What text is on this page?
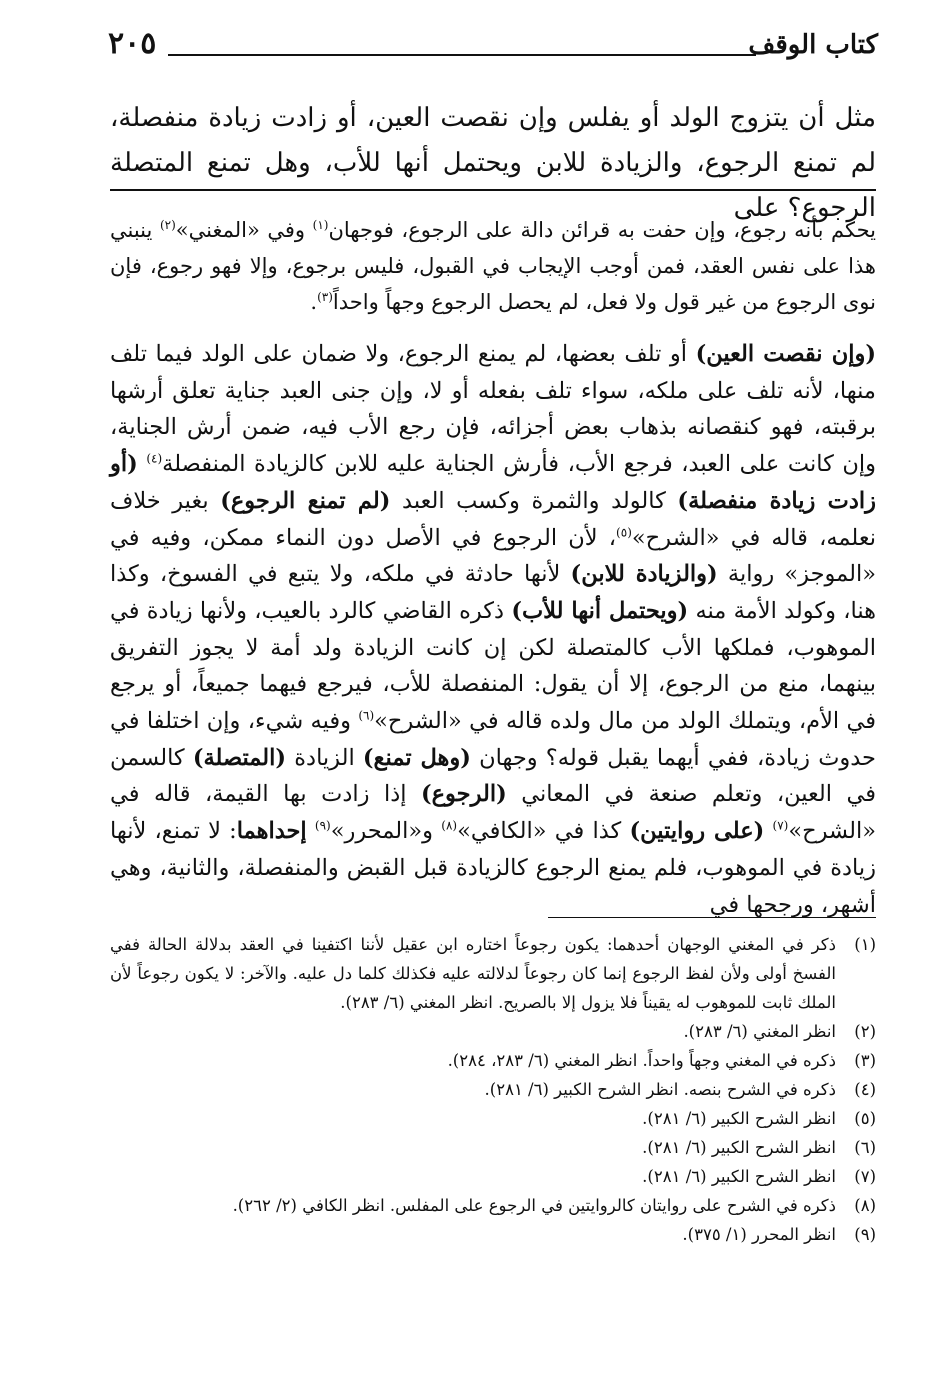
كتاب الوقف
٢٠٥

مثل أن يتزوج الولد أو يفلس وإن نقصت العين، أو زادت زيادة منفصلة، لم تمنع الرجوع، والزيادة للابن ويحتمل أنها للأب، وهل تمنع المتصلة الرجوع؟ على

يحكم بأنه رجوع، وإن حفت به قرائن دالة على الرجوع، فوجهان$^{(١)}$ وفي «المغني»$^{(٢)}$ ينبني هذا على نفس العقد، فمن أوجب الإيجاب في القبول، فليس برجوع، وإلا فهو رجوع، فإن نوى الرجوع من غير قول ولا فعل، لم يحصل الرجوع وجهاً واحداً$^{(٣)}$.

(وإن نقصت العين) أو تلف بعضها، لم يمنع الرجوع، ولا ضمان على الولد فيما تلف منها، لأنه تلف على ملكه، سواء تلف بفعله أو لا، وإن جنى العبد جناية تعلق أرشها برقبته، فهو كنقصانه بذهاب بعض أجزائه، فإن رجع الأب فيه، ضمن أرش الجناية، وإن كانت على العبد، فرجع الأب، فأرش الجناية عليه للابن كالزيادة المنفصلة$^{(٤)}$ (أو زادت زيادة منفصلة) كالولد والثمرة وكسب العبد (لم تمنع الرجوع) بغير خلاف نعلمه، قاله في «الشرح»$^{(٥)}$، لأن الرجوع في الأصل دون النماء ممكن، وفيه في «الموجز» رواية (والزيادة للابن) لأنها حادثة في ملكه، ولا يتبع في الفسوخ، وكذا هنا، وكولد الأمة منه (ويحتمل أنها للأب) ذكره القاضي كالرد بالعيب، ولأنها زيادة في الموهوب، فملكها الأب كالمتصلة لكن إن كانت الزيادة ولد أمة لا يجوز التفريق بينهما، منع من الرجوع، إلا أن يقول: المنفصلة للأب، فيرجع فيهما جميعاً، أو يرجع في الأم، ويتملك الولد من مال ولده قاله في «الشرح»$^{(٦)}$ وفيه شيء، وإن اختلفا في حدوث زيادة، ففي أيهما يقبل قوله؟ وجهان (وهل تمنع) الزيادة (المتصلة) كالسمن في العين، وتعلم صنعة في المعاني (الرجوع) إذا زادت بها القيمة، قاله في «الشرح»$^{(٧)}$ (على روايتين) كذا في «الكافي»$^{(٨)}$ و«المحرر»$^{(٩)}$ إحداهما: لا تمنع، لأنها زيادة في الموهوب، فلم يمنع الرجوع كالزيادة قبل القبض والمنفصلة، والثانية، وهي أشهر، ورجحها في

(١)
ذكر في المغني الوجهان أحدهما: يكون رجوعاً اختاره ابن عقيل لأننا اكتفينا في العقد بدلالة الحالة ففي الفسخ أولى ولأن لفظ الرجوع إنما كان رجوعاً لدلالته عليه فكذلك كلما دل عليه. والآخر: لا يكون رجوعاً لأن الملك ثابت للموهوب له يقيناً فلا يزول إلا بالصريح. انظر المغني (٦/ ٢٨٣).
(٢)
انظر المغني (٦/ ٢٨٣).
(٣)
ذكره في المغني وجهاً واحداً. انظر المغني (٦/ ٢٨٣، ٢٨٤).
(٤)
ذكره في الشرح بنصه. انظر الشرح الكبير (٦/ ٢٨١).
(٥)
انظر الشرح الكبير (٦/ ٢٨١).
(٦)
انظر الشرح الكبير (٦/ ٢٨١).
(٧)
انظر الشرح الكبير (٦/ ٢٨١).
(٨)
ذكره في الشرح على روايتان كالروايتين في الرجوع على المفلس. انظر الكافي (٢/ ٢٦٢).
(٩)
انظر المحرر (١/ ٣٧٥).
